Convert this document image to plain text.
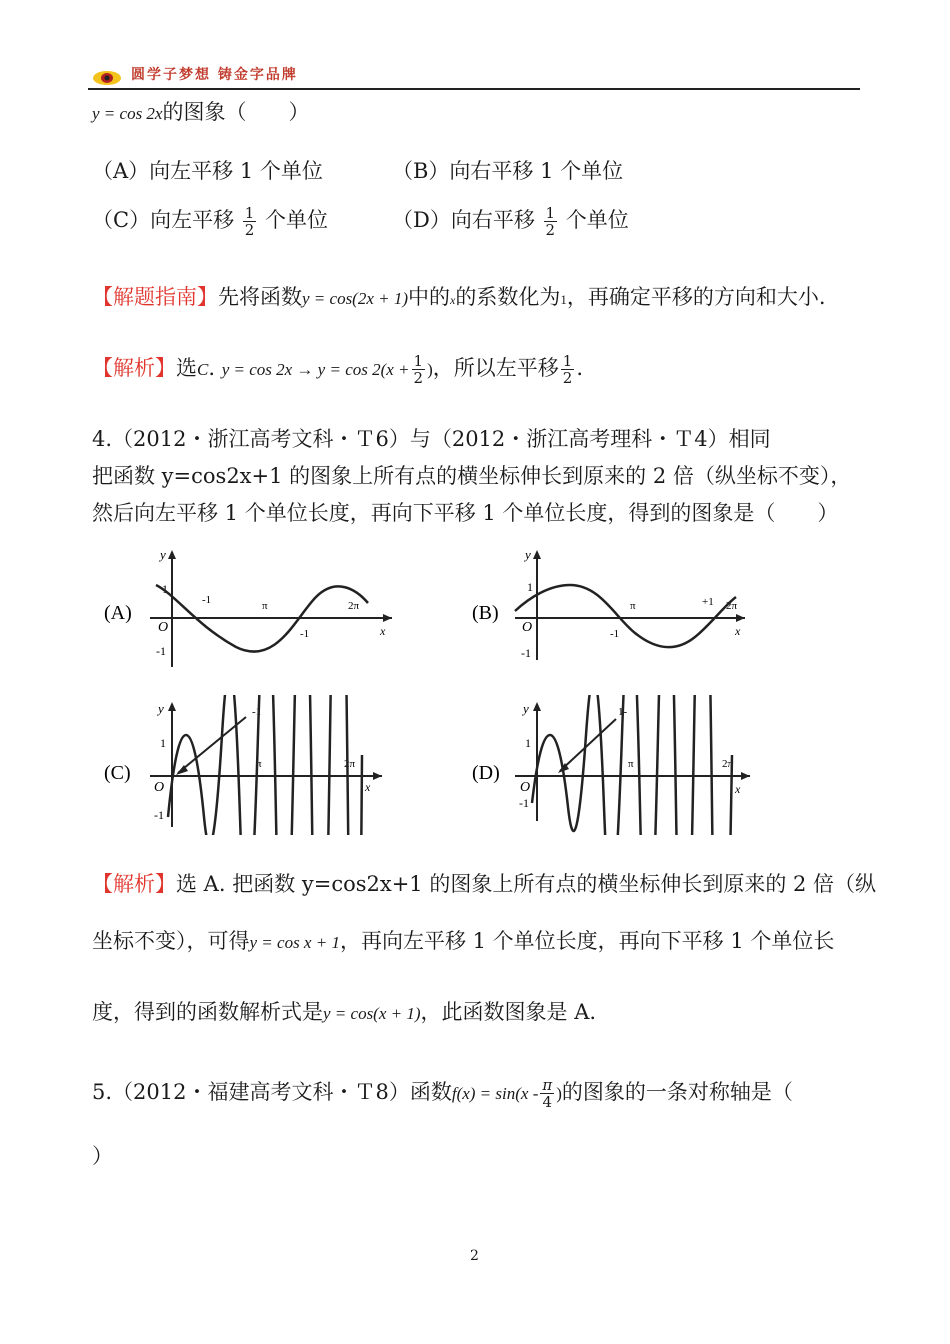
圆学子梦想 铸金字品牌
y = cos 2x的图象（　　）
（A）向左平移 1 个单位	（B）向右平移 1 个单位
（C）向左平移 $\frac{1}{2}$ 个单位	（D）向右平移 $\frac{1}{2}$ 个单位
【解题指南】先将函数y = cos(2x + 1)中的x的系数化为1，再确定平移的方向和大小.
【解析】选C. $y = \cos 2x \to y = \cos 2(x + \frac{1}{2}$ )，所以左平移 $\frac{1}{2}$ .
4.（2012・浙江高考文科・Ｔ6）与（2012・浙江高考理科・Ｔ4）相同
把函数 y=cos2x+1 的图象上所有点的横坐标伸长到原来的 2 倍（纵坐标不变），
然后向左平移 1 个单位长度，再向下平移 1 个单位长度，得到的图象是（　　）
(A)
y
x
O
1
-1
π	2π
-1
-1
(B)
y
x
O
1
-1
π	2π
+1
-1
(C)
y
x
O
1
-1
π	2π
-1
(D)
y
x
O
1
-1
π	2π
1-
【解析】选 A. 把函数 y=cos2x+1 的图象上所有点的横坐标伸长到原来的 2 倍（纵
坐标不变），可得y = cos x + 1，再向左平移 1 个单位长度，再向下平移 1 个单位长
度，得到的函数解析式是y = cos(x + 1)，此函数图象是 A.
5.（2012・福建高考文科・Ｔ8）函数$f(x) = \sin(x - \frac{\pi}{4}$ )的图象的一条对称轴是（
）
2
